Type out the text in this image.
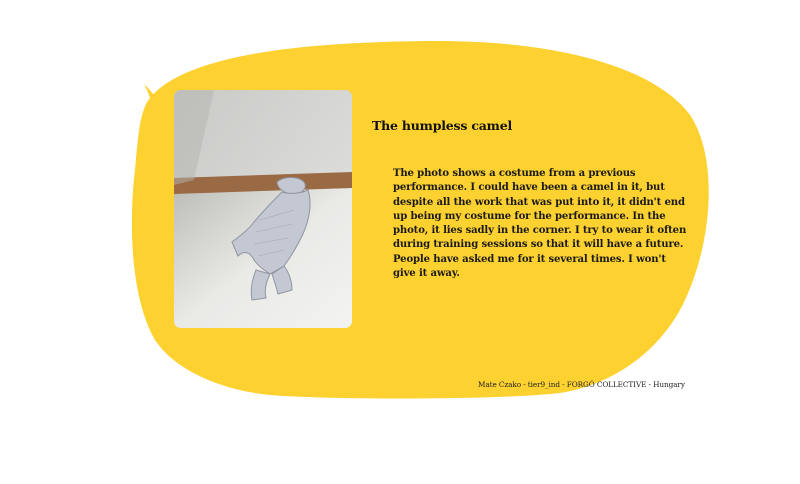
The humpless camel
The photo shows a costume from a previous
performance. I could have been a camel in it, but
despite all the work that was put into it, it didn't end
up being my costume for the performance. In the
photo, it lies sadly in the corner. I try to wear it often
during training sessions so that it will have a future.
People have asked me for it several times. I won't
give it away.
Mate Czako - tier9_ind - FORGÓ COLLECTIVE - Hungary
